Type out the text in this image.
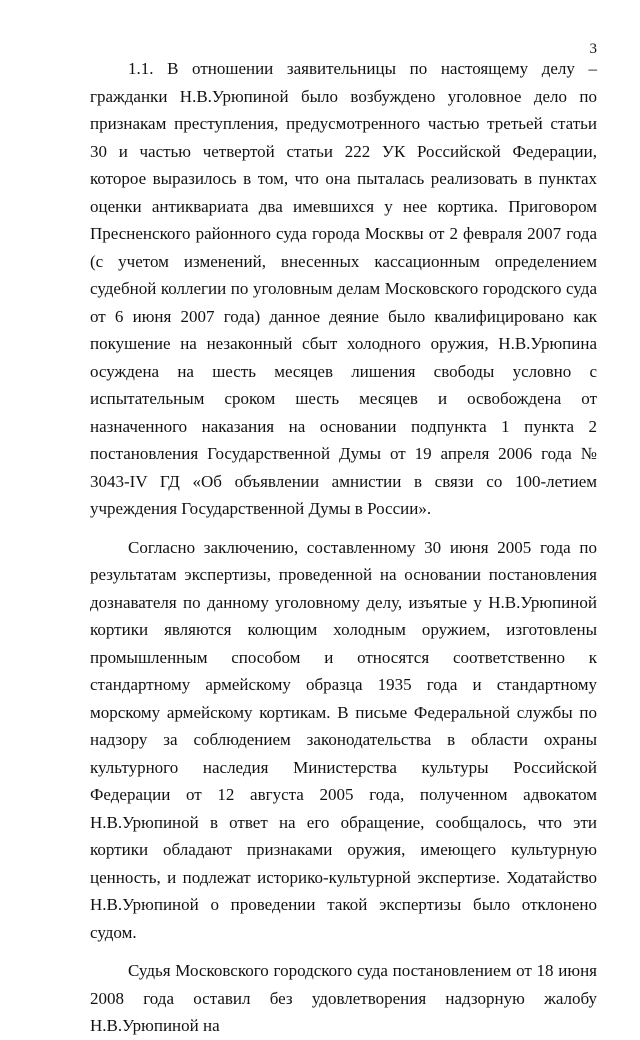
3

1.1. В отношении заявительницы по настоящему делу – гражданки Н.В.Урюпиной было возбуждено уголовное дело по признакам преступления, предусмотренного частью третьей статьи 30 и частью четвертой статьи 222 УК Российской Федерации, которое выразилось в том, что она пыталась реализовать в пунктах оценки антиквариата два имевшихся у нее кортика. Приговором Пресненского районного суда города Москвы от 2 февраля 2007 года (с учетом изменений, внесенных кассационным определением судебной коллегии по уголовным делам Московского городского суда от 6 июня 2007 года) данное деяние было квалифицировано как покушение на незаконный сбыт холодного оружия, Н.В.Урюпина осуждена на шесть месяцев лишения свободы условно с испытательным сроком шесть месяцев и освобождена от назначенного наказания на основании подпункта 1 пункта 2 постановления Государственной Думы от 19 апреля 2006 года № 3043-IV ГД «Об объявлении амнистии в связи со 100-летием учреждения Государственной Думы в России».

Согласно заключению, составленному 30 июня 2005 года по результатам экспертизы, проведенной на основании постановления дознавателя по данному уголовному делу, изъятые у Н.В.Урюпиной кортики являются колющим холодным оружием, изготовлены промышленным способом и относятся соответственно к стандартному армейскому образца 1935 года и стандартному морскому армейскому кортикам. В письме Федеральной службы по надзору за соблюдением законодательства в области охраны культурного наследия Министерства культуры Российской Федерации от 12 августа 2005 года, полученном адвокатом Н.В.Урюпиной в ответ на его обращение, сообщалось, что эти кортики обладают признаками оружия, имеющего культурную ценность, и подлежат историко-культурной экспертизе. Ходатайство Н.В.Урюпиной о проведении такой экспертизы было отклонено судом.

Судья Московского городского суда постановлением от 18 июня 2008 года оставил без удовлетворения надзорную жалобу Н.В.Урюпиной на
